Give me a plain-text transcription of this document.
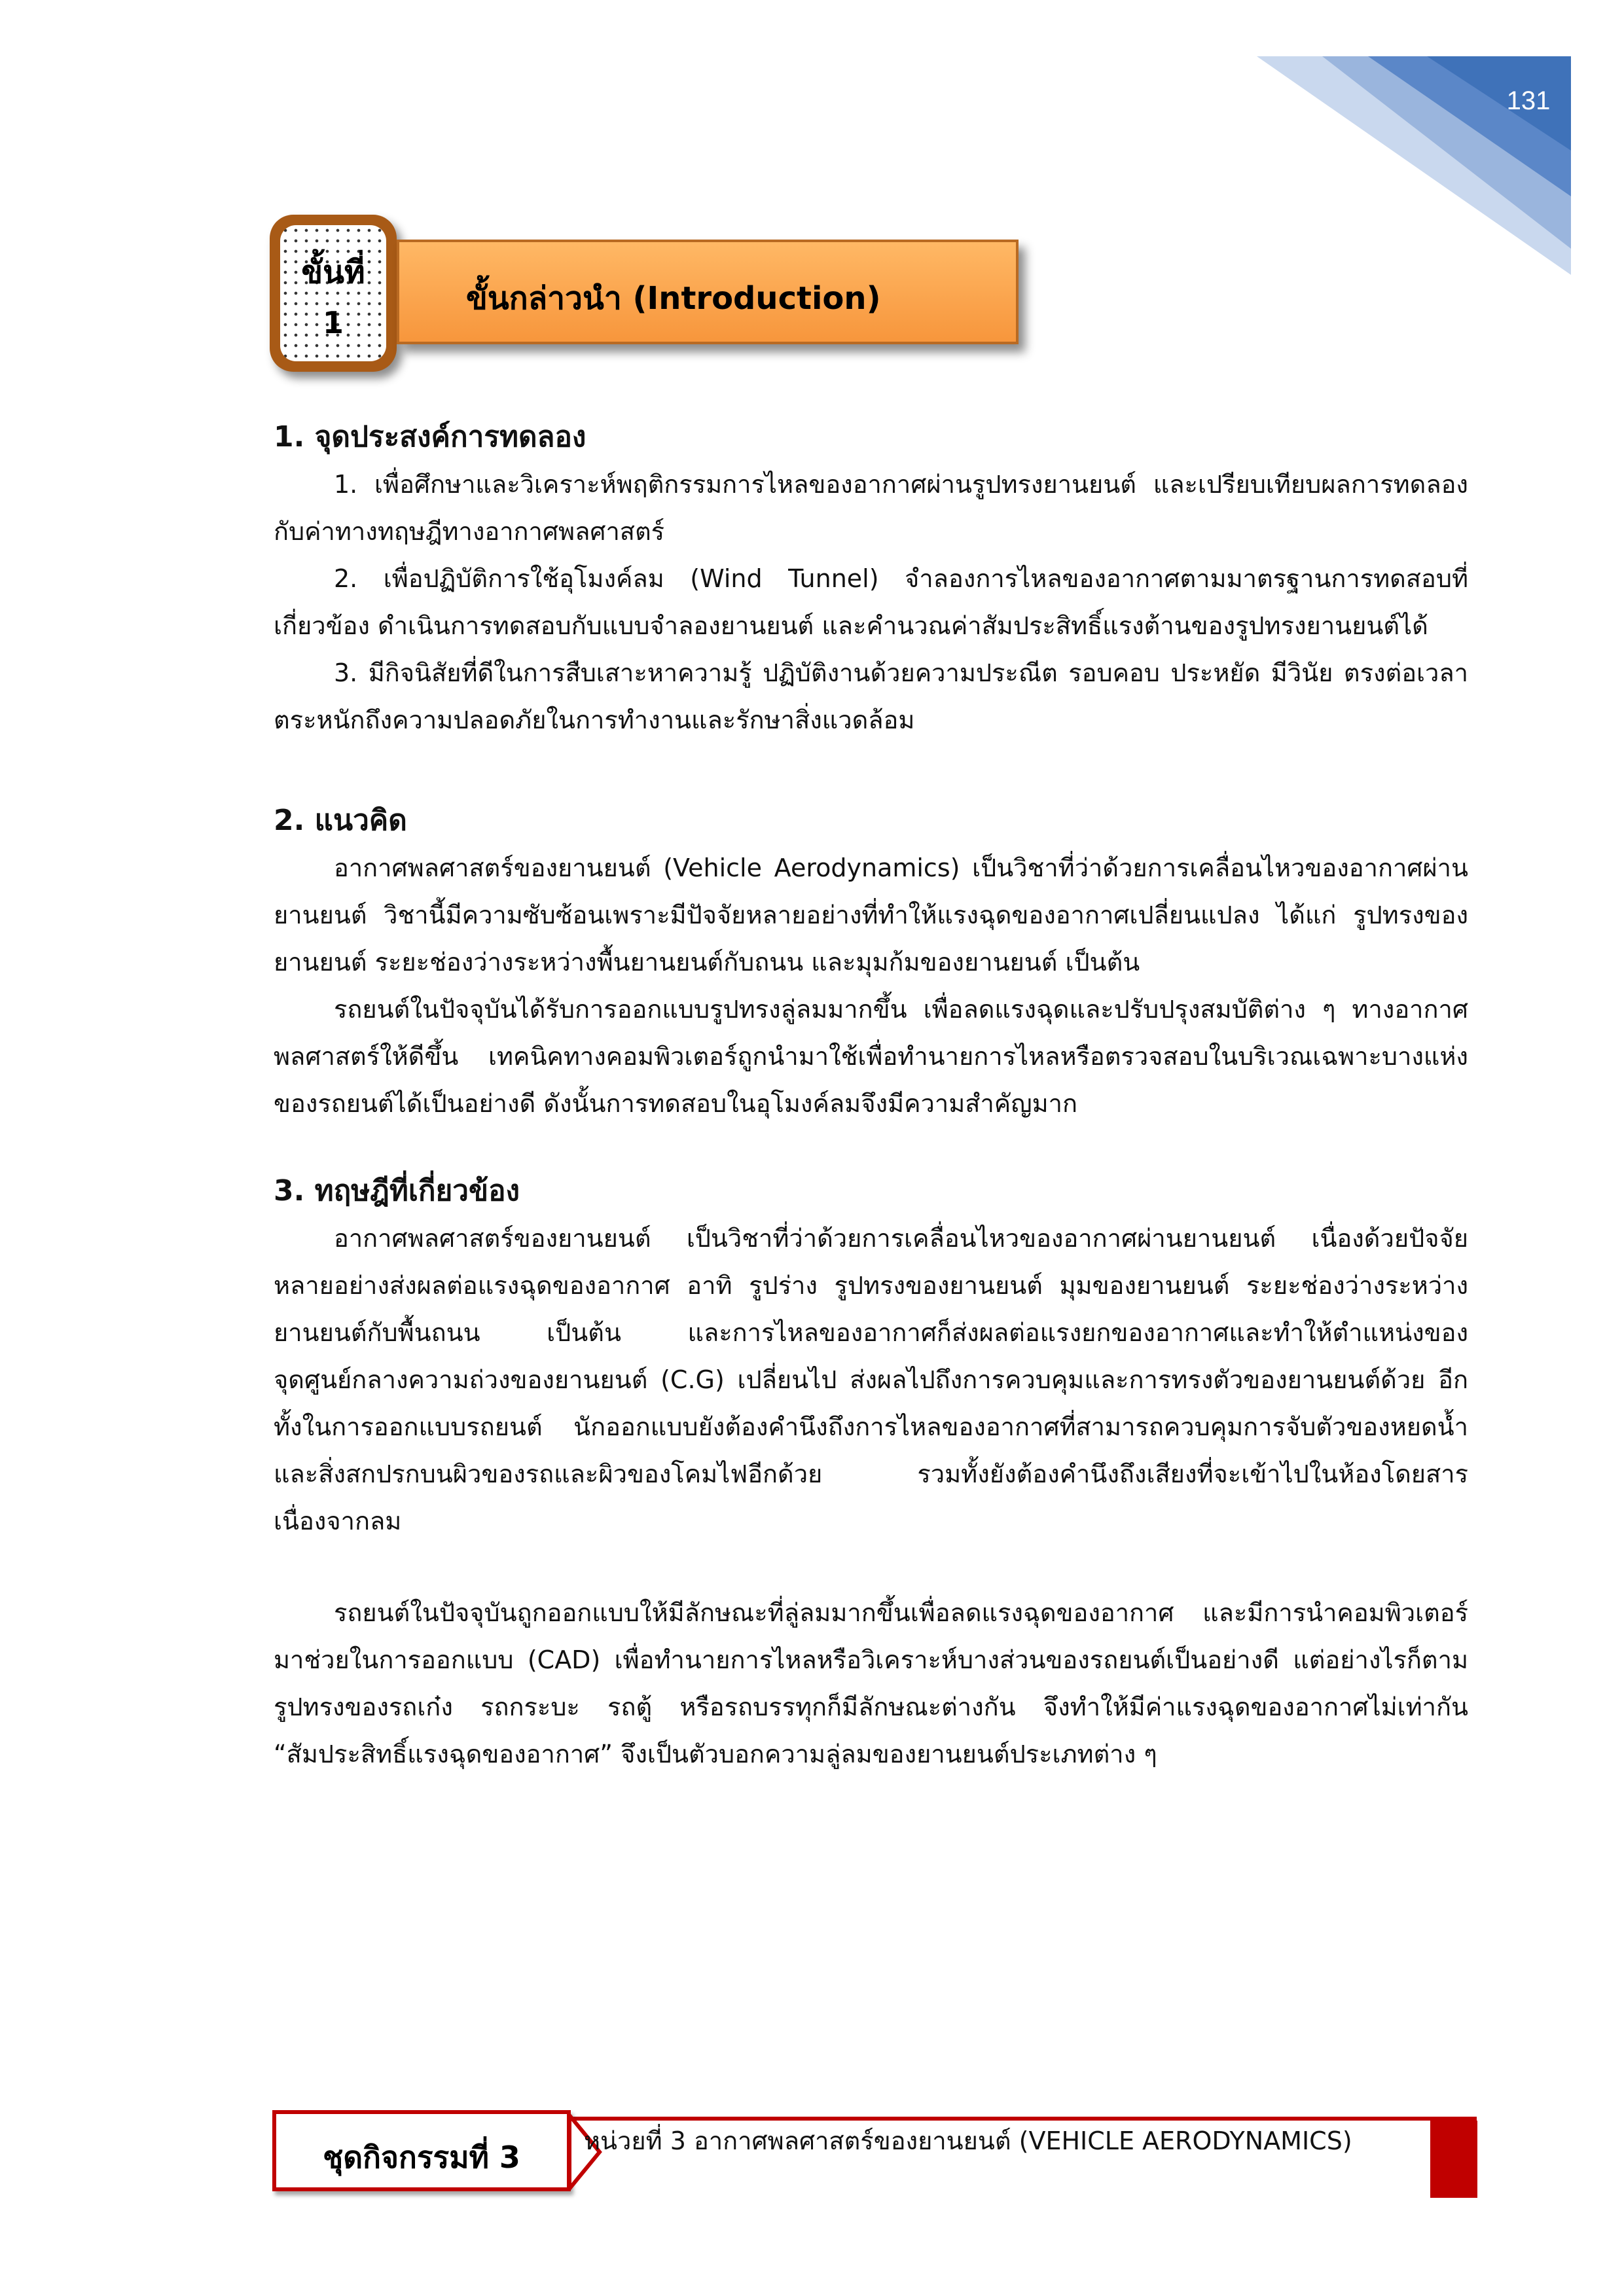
131
ขั้นที่
1
ขั้นกล่าวนำ (Introduction)

1. จุดประสงค์การทดลอง

1. เพื่อศึกษาและวิเคราะห์พฤติกรรมการไหลของอากาศผ่านรูปทรงยานยนต์ และเปรียบเทียบผลการทดลองกับค่าทางทฤษฎีทางอากาศพลศาสตร์

2. เพื่อปฏิบัติการใช้อุโมงค์ลม (Wind Tunnel) จำลองการไหลของอากาศตามมาตรฐานการทดสอบที่เกี่ยวข้อง ดำเนินการทดสอบกับแบบจำลองยานยนต์ และคำนวณค่าสัมประสิทธิ์แรงต้านของรูปทรงยานยนต์ได้

3. มีกิจนิสัยที่ดีในการสืบเสาะหาความรู้ ปฏิบัติงานด้วยความประณีต รอบคอบ ประหยัด มีวินัย ตรงต่อเวลา ตระหนักถึงความปลอดภัยในการทำงานและรักษาสิ่งแวดล้อม

2. แนวคิด

อากาศพลศาสตร์ของยานยนต์ (Vehicle Aerodynamics) เป็นวิชาที่ว่าด้วยการเคลื่อนไหวของอากาศผ่านยานยนต์ วิชานี้มีความซับซ้อนเพราะมีปัจจัยหลายอย่างที่ทำให้แรงฉุดของอากาศเปลี่ยนแปลง ได้แก่ รูปทรงของยานยนต์ ระยะช่องว่างระหว่างพื้นยานยนต์กับถนน และมุมก้มของยานยนต์ เป็นต้น

รถยนต์ในปัจจุบันได้รับการออกแบบรูปทรงลู่ลมมากขึ้น เพื่อลดแรงฉุดและปรับปรุงสมบัติต่าง ๆ ทางอากาศพลศาสตร์ให้ดีขึ้น เทคนิคทางคอมพิวเตอร์ถูกนำมาใช้เพื่อทำนายการไหลหรือตรวจสอบในบริเวณเฉพาะบางแห่งของรถยนต์ได้เป็นอย่างดี ดังนั้นการทดสอบในอุโมงค์ลมจึงมีความสำคัญมาก

3. ทฤษฎีที่เกี่ยวข้อง

อากาศพลศาสตร์ของยานยนต์ เป็นวิชาที่ว่าด้วยการเคลื่อนไหวของอากาศผ่านยานยนต์ เนื่องด้วยปัจจัยหลายอย่างส่งผลต่อแรงฉุดของอากาศ อาทิ รูปร่าง รูปทรงของยานยนต์ มุมของยานยนต์ ระยะช่องว่างระหว่างยานยนต์กับพื้นถนน เป็นต้น และการไหลของอากาศก็ส่งผลต่อแรงยกของอากาศและทำให้ตำแหน่งของจุดศูนย์กลางความถ่วงของยานยนต์ (C.G) เปลี่ยนไป ส่งผลไปถึงการควบคุมและการทรงตัวของยานยนต์ด้วย อีกทั้งในการออกแบบรถยนต์ นักออกแบบยังต้องคำนึงถึงการไหลของอากาศที่สามารถควบคุมการจับตัวของหยดน้ำและสิ่งสกปรกบนผิวของรถและผิวของโคมไฟอีกด้วย รวมทั้งยังต้องคำนึงถึงเสียงที่จะเข้าไปในห้องโดยสารเนื่องจากลม

รถยนต์ในปัจจุบันถูกออกแบบให้มีลักษณะที่ลู่ลมมากขึ้นเพื่อลดแรงฉุดของอากาศ และมีการนำคอมพิวเตอร์มาช่วยในการออกแบบ (CAD) เพื่อทำนายการไหลหรือวิเคราะห์บางส่วนของรถยนต์เป็นอย่างดี แต่อย่างไรก็ตามรูปทรงของรถเก๋ง รถกระบะ รถตู้ หรือรถบรรทุกก็มีลักษณะต่างกัน จึงทำให้มีค่าแรงฉุดของอากาศไม่เท่ากัน “สัมประสิทธิ์แรงฉุดของอากาศ” จึงเป็นตัวบอกความลู่ลมของยานยนต์ประเภทต่าง ๆ

ชุดกิจกรรมที่ 3	หน่วยที่ 3 อากาศพลศาสตร์ของยานยนต์ (VEHICLE AERODYNAMICS)
